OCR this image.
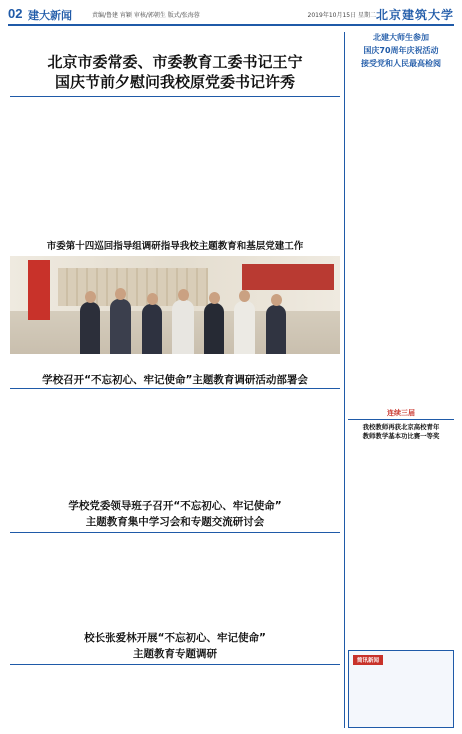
02 建大新闻	责编/鲁建 宵颖 审核/郭朝生 版式/张海蓉	2019年10月15日 星期二 北京建筑大学
北京市委常委、市委教育工委书记王宁
国庆节前夕慰问我校原党委书记许秀
市委第十四巡回指导组调研指导我校主题教育和基层党建工作
学校召开“不忘初心、牢记使命”主题教育调研活动部署会
学校党委领导班子召开“不忘初心、牢记使命”
主题教育集中学习会和专题交流研讨会
校长张爱林开展“不忘初心、牢记使命”
主题教育专题调研
北建大师生参加
国庆70周年庆祝活动
接受党和人民最高检阅
连续三届
我校教师再获北京高校青年
教师教学基本功比赛一等奖
简讯新闻
